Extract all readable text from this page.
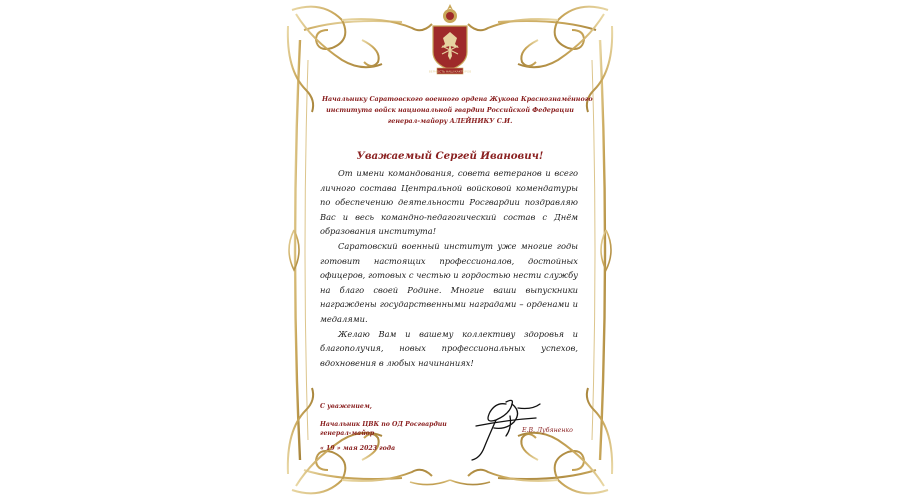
ВЕРНОСТЬ НАШ КАКТОРОВ
Начальнику Саратовского военного ордена Жукова Краснознамённого
института войск национальной гвардии Российской Федерации
генерал-майору АЛЕЙНИКУ С.И.
Уважаемый Сергей Иванович!

От имени командования, совета ветеранов и всего личного состава Центральной войсковой комендатуры по обеспечению деятельности Росгвардии поздравляю Вас и весь командно-педагогический состав с Днём образования института!

Саратовский военный институт уже многие годы готовит настоящих профессионалов, достойных офицеров, готовых с честью и гордостью нести службу на благо своей Родине. Многие ваши выпускники награждены государственными наградами – орденами и медалями.

Желаю Вам и вашему коллективу здоровья и благополучия, новых профессиональных успехов, вдохновения в любых начинаниях!

С уважением,
Начальник ЦВК по ОД Росгвардии
генерал-майор
« 19 » мая 2023 года
Е.В. Лубяненко
